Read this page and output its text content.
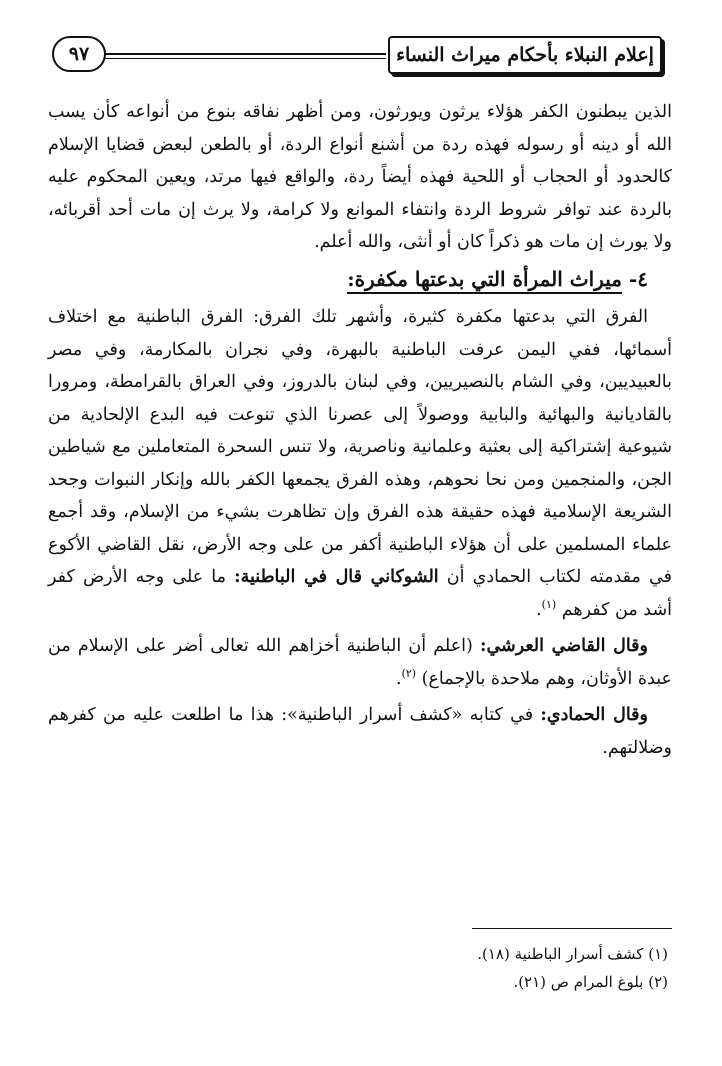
إعلام النبلاء بأحكام ميراث النساء
٩٧

الذين يبطنون الكفر هؤلاء يرثون ويورثون، ومن أظهر نفاقه بنوع من أنواعه كأن يسب الله أو دينه أو رسوله فهذه ردة من أشنع أنواع الردة، أو بالطعن لبعض قضايا الإسلام كالحدود أو الحجاب أو اللحية فهذه أيضاً ردة، والواقع فيها مرتد، ويعين المحكوم عليه بالردة عند توافر شروط الردة وانتفاء الموانع ولا كرامة، ولا يرث إن مات أحد أقربائه، ولا يورث إن مات هو ذكراً كان أو أنثى، والله أعلم.

٤- ميراث المرأة التي بدعتها مكفرة:

الفرق التي بدعتها مكفرة كثيرة، وأشهر تلك الفرق: الفرق الباطنية مع اختلاف أسمائها، ففي اليمن عرفت الباطنية بالبهرة، وفي نجران بالمكارمة، وفي مصر بالعبيديين، وفي الشام بالنصيريين، وفي لبنان بالدروز، وفي العراق بالقرامطة، ومرورا بالقاديانية والبهائية والبابية ووصولاً إلى عصرنا الذي تنوعت فيه البدع الإلحادية من شيوعية إشتراكية إلى بعثية وعلمانية وناصرية، ولا تنس السحرة المتعاملين مع شياطين الجن، والمنجمين ومن نحا نحوهم، وهذه الفرق يجمعها الكفر بالله وإنكار النبوات وجحد الشريعة الإسلامية فهذه حقيقة هذه الفرق وإن تظاهرت بشيء من الإسلام، وقد أجمع علماء المسلمين على أن هؤلاء الباطنية أكفر من على وجه الأرض، نقل القاضي الأكوع في مقدمته لكتاب الحمادي أن الشوكاني قال في الباطنية: ما على وجه الأرض كفر أشد من كفرهم $^{(١)}$.

وقال القاضي العرشي: (اعلم أن الباطنية أخزاهم الله تعالى أضر على الإسلام من عبدة الأوثان، وهم ملاحدة بالإجماع) $^{(٢)}$.

وقال الحمادي: في كتابه «كشف أسرار الباطنية»: هذا ما اطلعت عليه من كفرهم وضلالتهم.

(١) كشف أسرار الباطنية (١٨).
(٢) بلوغ المرام ص (٢١).
